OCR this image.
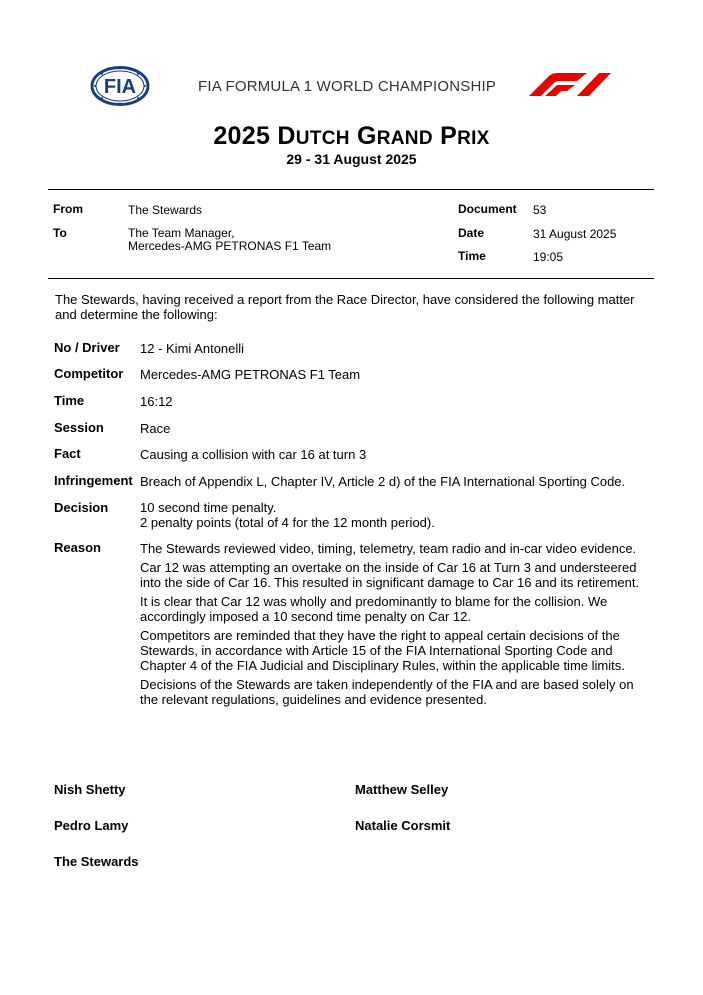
FIA	FIA FORMULA 1 WORLD CHAMPIONSHIP
2025 DUTCH GRAND PRIX
29 - 31 August 2025
From	The Stewards
To	The Team Manager,
Mercedes-AMG PETRONAS F1 Team
Document 53
Date	31 August 2025
Time	19:05
The Stewards, having received a report from the Race Director, have considered the following matter and determine the following:
No / Driver 12 - Kimi Antonelli
Competitor Mercedes-AMG PETRONAS F1 Team
Time	16:12
Session	Race
Fact	Causing a collision with car 16 at turn 3
Infringement Breach of Appendix L, Chapter IV, Article 2 d) of the FIA International Sporting Code.
Decision 10 second time penalty.
2 penalty points (total of 4 for the 12 month period).
Reason	The Stewards reviewed video, timing, telemetry, team radio and in-car video evidence.

Car 12 was attempting an overtake on the inside of Car 16 at Turn 3 and understeered into the side of Car 16. This resulted in significant damage to Car 16 and its retirement.

It is clear that Car 12 was wholly and predominantly to blame for the collision. We accordingly imposed a 10 second time penalty on Car 12.

Competitors are reminded that they have the right to appeal certain decisions of the Stewards, in accordance with Article 15 of the FIA International Sporting Code and Chapter 4 of the FIA Judicial and Disciplinary Rules, within the applicable time limits.

Decisions of the Stewards are taken independently of the FIA and are based solely on the relevant regulations, guidelines and evidence presented.

Nish Shetty	Matthew Selley
Pedro Lamy	Natalie Corsmit
The Stewards
